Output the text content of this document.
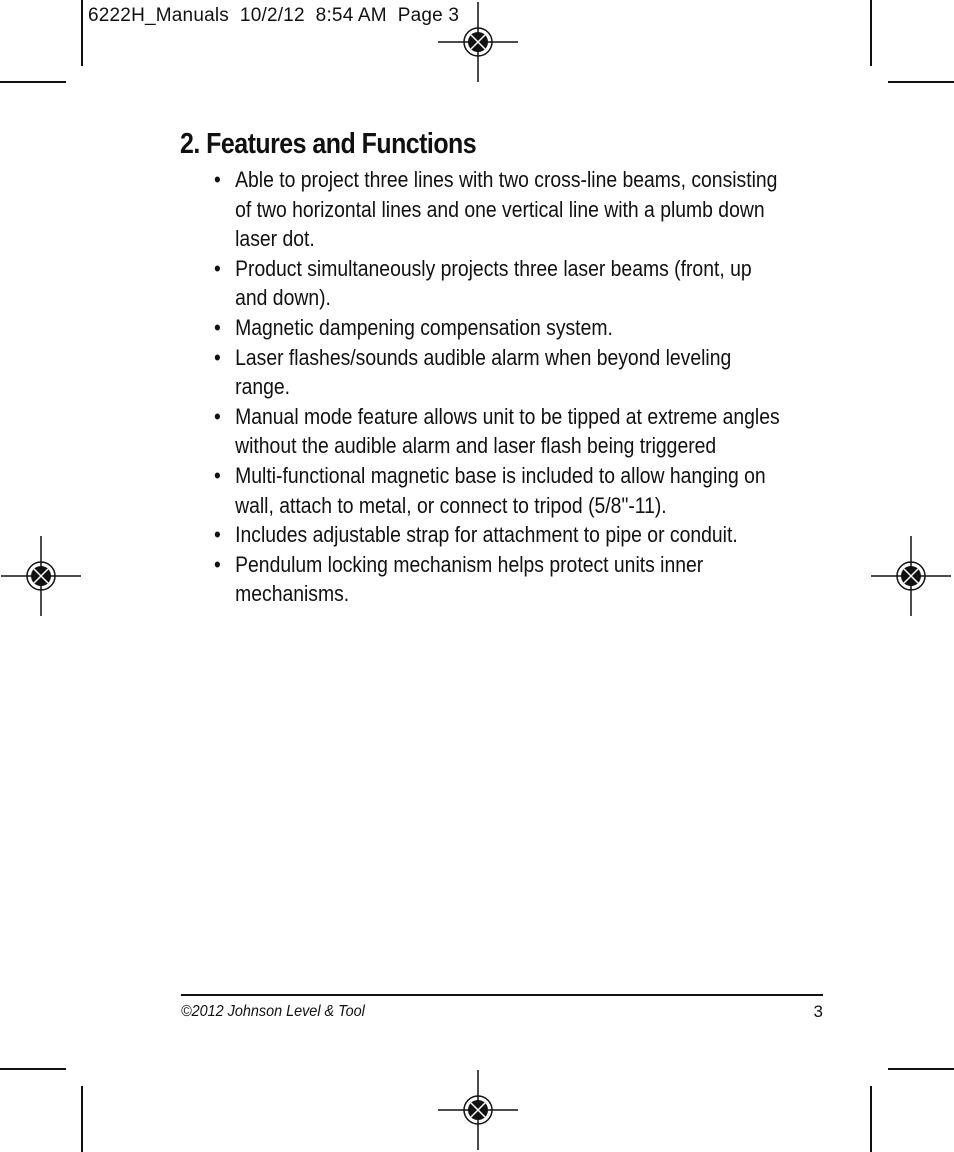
6222H_Manuals  10/2/12  8:54 AM  Page 3
2. Features and Functions
• Able to project three lines with two cross-line beams, consisting of two horizontal lines and one vertical line with a plumb down laser dot.
• Product simultaneously projects three laser beams (front, up and down).
• Magnetic dampening compensation system.
• Laser flashes/sounds audible alarm when beyond leveling range.
• Manual mode feature allows unit to be tipped at extreme angles without the audible alarm and laser flash being triggered
• Multi-functional magnetic base is included to allow hanging on wall, attach to metal, or connect to tripod (5/8"-11).
• Includes adjustable strap for attachment to pipe or conduit.
• Pendulum locking mechanism helps protect units inner mechanisms.
©2012 Johnson Level & Tool	3
